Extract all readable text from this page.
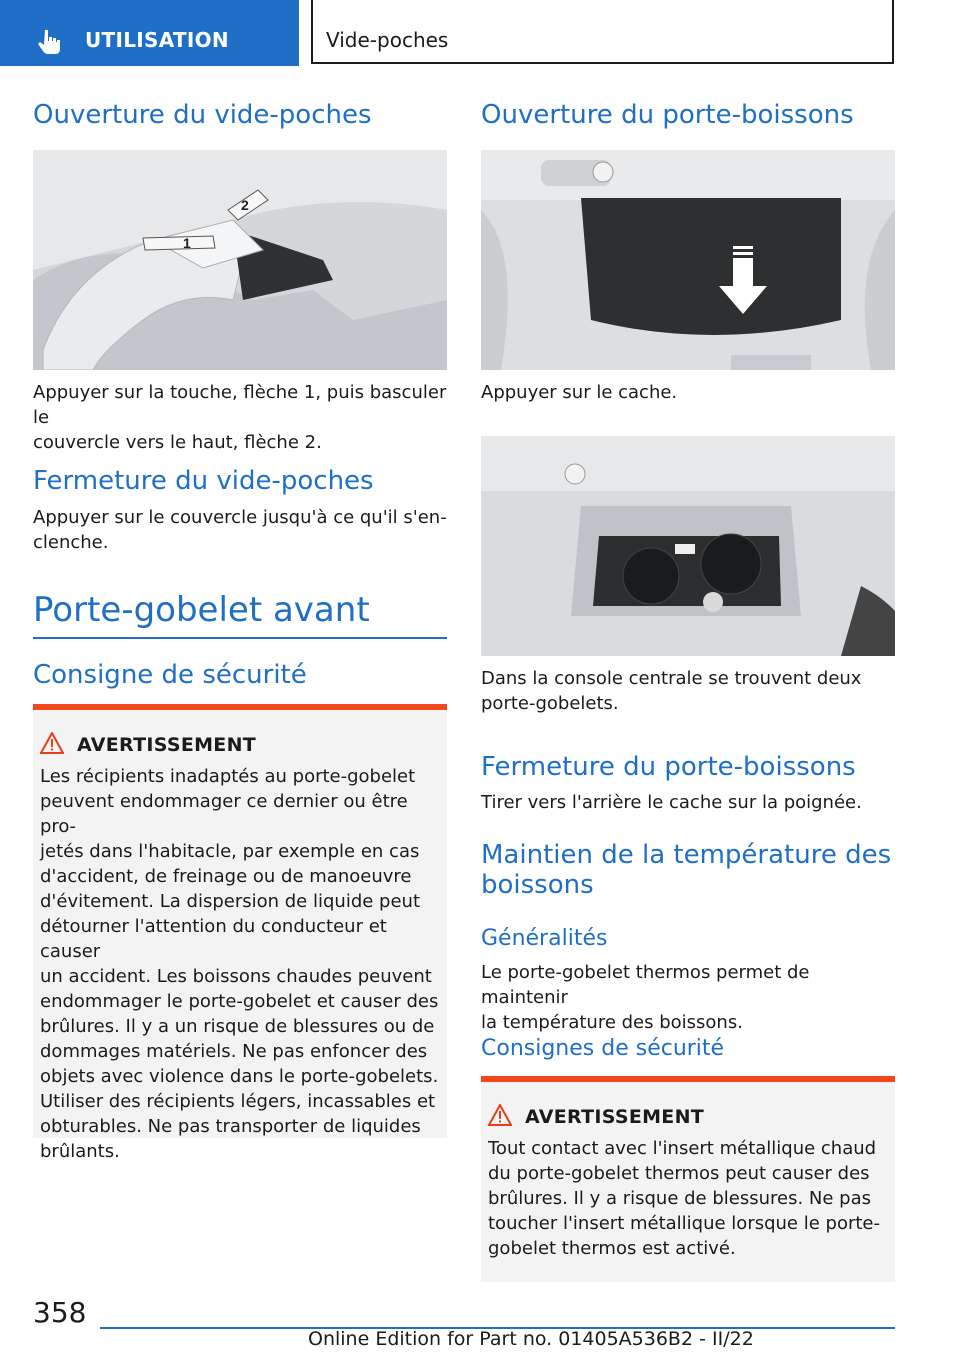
UTILISATION	Vide-poches
Ouverture du vide-poches
1
2
Appuyer sur la touche, flèche 1, puis basculer le
couvercle vers le haut, flèche 2.
Fermeture du vide-poches
Appuyer sur le couvercle jusqu'à ce qu'il s'en‐
clenche.
Porte-gobelet avant
Consigne de sécurité
AVERTISSEMENT
Les récipients inadaptés au porte-gobelet
peuvent endommager ce dernier ou être pro‐
jetés dans l'habitacle, par exemple en cas
d'accident, de freinage ou de manoeuvre
d'évitement. La dispersion de liquide peut
détourner l'attention du conducteur et causer
un accident. Les boissons chaudes peuvent
endommager le porte-gobelet et causer des
brûlures. Il y a un risque de blessures ou de
dommages matériels. Ne pas enfoncer des
objets avec violence dans le porte-gobelets.
Utiliser des récipients légers, incassables et
obturables. Ne pas transporter de liquides
brûlants.
Ouverture du porte-boissons
Appuyer sur le cache.
Dans la console centrale se trouvent deux
porte-gobelets.
Fermeture du porte-boissons
Tirer vers l'arrière le cache sur la poignée.
Maintien de la température des
boissons
Généralités
Le porte-gobelet thermos permet de maintenir
la température des boissons.
Consignes de sécurité
AVERTISSEMENT
Tout contact avec l'insert métallique chaud
du porte-gobelet thermos peut causer des
brûlures. Il y a risque de blessures. Ne pas
toucher l'insert métallique lorsque le porte-
gobelet thermos est activé.
358
Online Edition for Part no. 01405A536B2 - II/22
